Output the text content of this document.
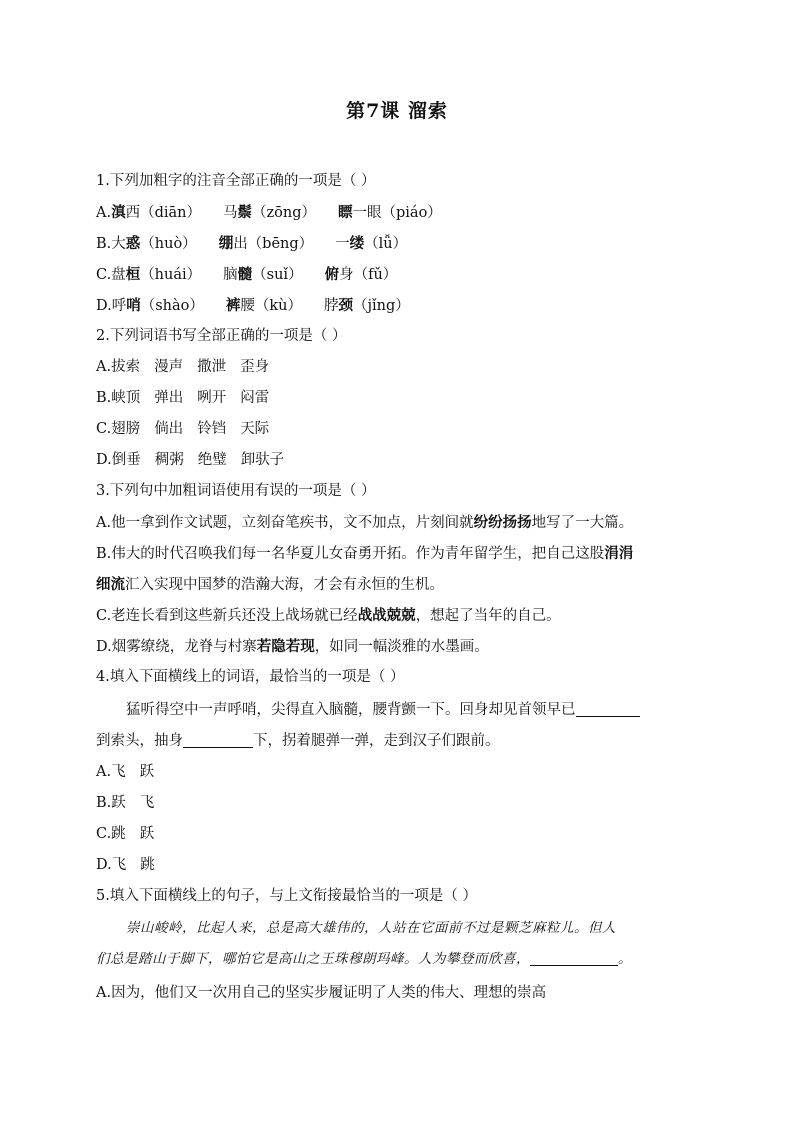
第7课 溜索
1.下列加粗字的注音全部正确的一项是（ ）
A.滇西（diān） 马鬃（zōng） 瞟一眼（piáo）
B.大惑（huò） 绷出（bēng） 一缕（lǚ）
C.盘桓（huái） 脑髓（suǐ） 俯身（fǔ）
D.呼哨（shào） 裤腰（kù） 脖颈（jǐng）
2.下列词语书写全部正确的一项是（ ）
A.拔索 漫声 撒泄 歪身
B.峡顶 弹出 咧开 闷雷
C.翅膀 倘出 铃铛 天际
D.倒垂 稠粥 绝璧 卸驮子
3.下列句中加粗词语使用有误的一项是（ ）
A.他一拿到作文试题，立刻奋笔疾书，文不加点，片刻间就纷纷扬扬地写了一大篇。
B.伟大的时代召唤我们每一名华夏儿女奋勇开拓。作为青年留学生，把自己这股涓涓
细流汇入实现中国梦的浩瀚大海，才会有永恒的生机。
C.老连长看到这些新兵还没上战场就已经战战兢兢，想起了当年的自己。
D.烟雾缭绕，龙脊与村寨若隐若现，如同一幅淡雅的水墨画。
4.填入下面横线上的词语，最恰当的一项是（ ）
猛听得空中一声呼哨，尖得直入脑髓，腰背颤一下。回身却见首领早已
到索头，抽身	下，拐着腿弹一弹，走到汉子们跟前。
A.飞 跃
B.跃 飞
C.跳 跃
D.飞 跳
5.填入下面横线上的句子，与上文衔接最恰当的一项是（ ）
崇山峻岭，比起人来，总是高大雄伟的，人站在它面前不过是颗芝麻粒儿。但人
们总是踏山于脚下，哪怕它是高山之王珠穆朗玛峰。人为攀登而欣喜，	。
A.因为，他们又一次用自己的坚实步履证明了人类的伟大、理想的崇高
